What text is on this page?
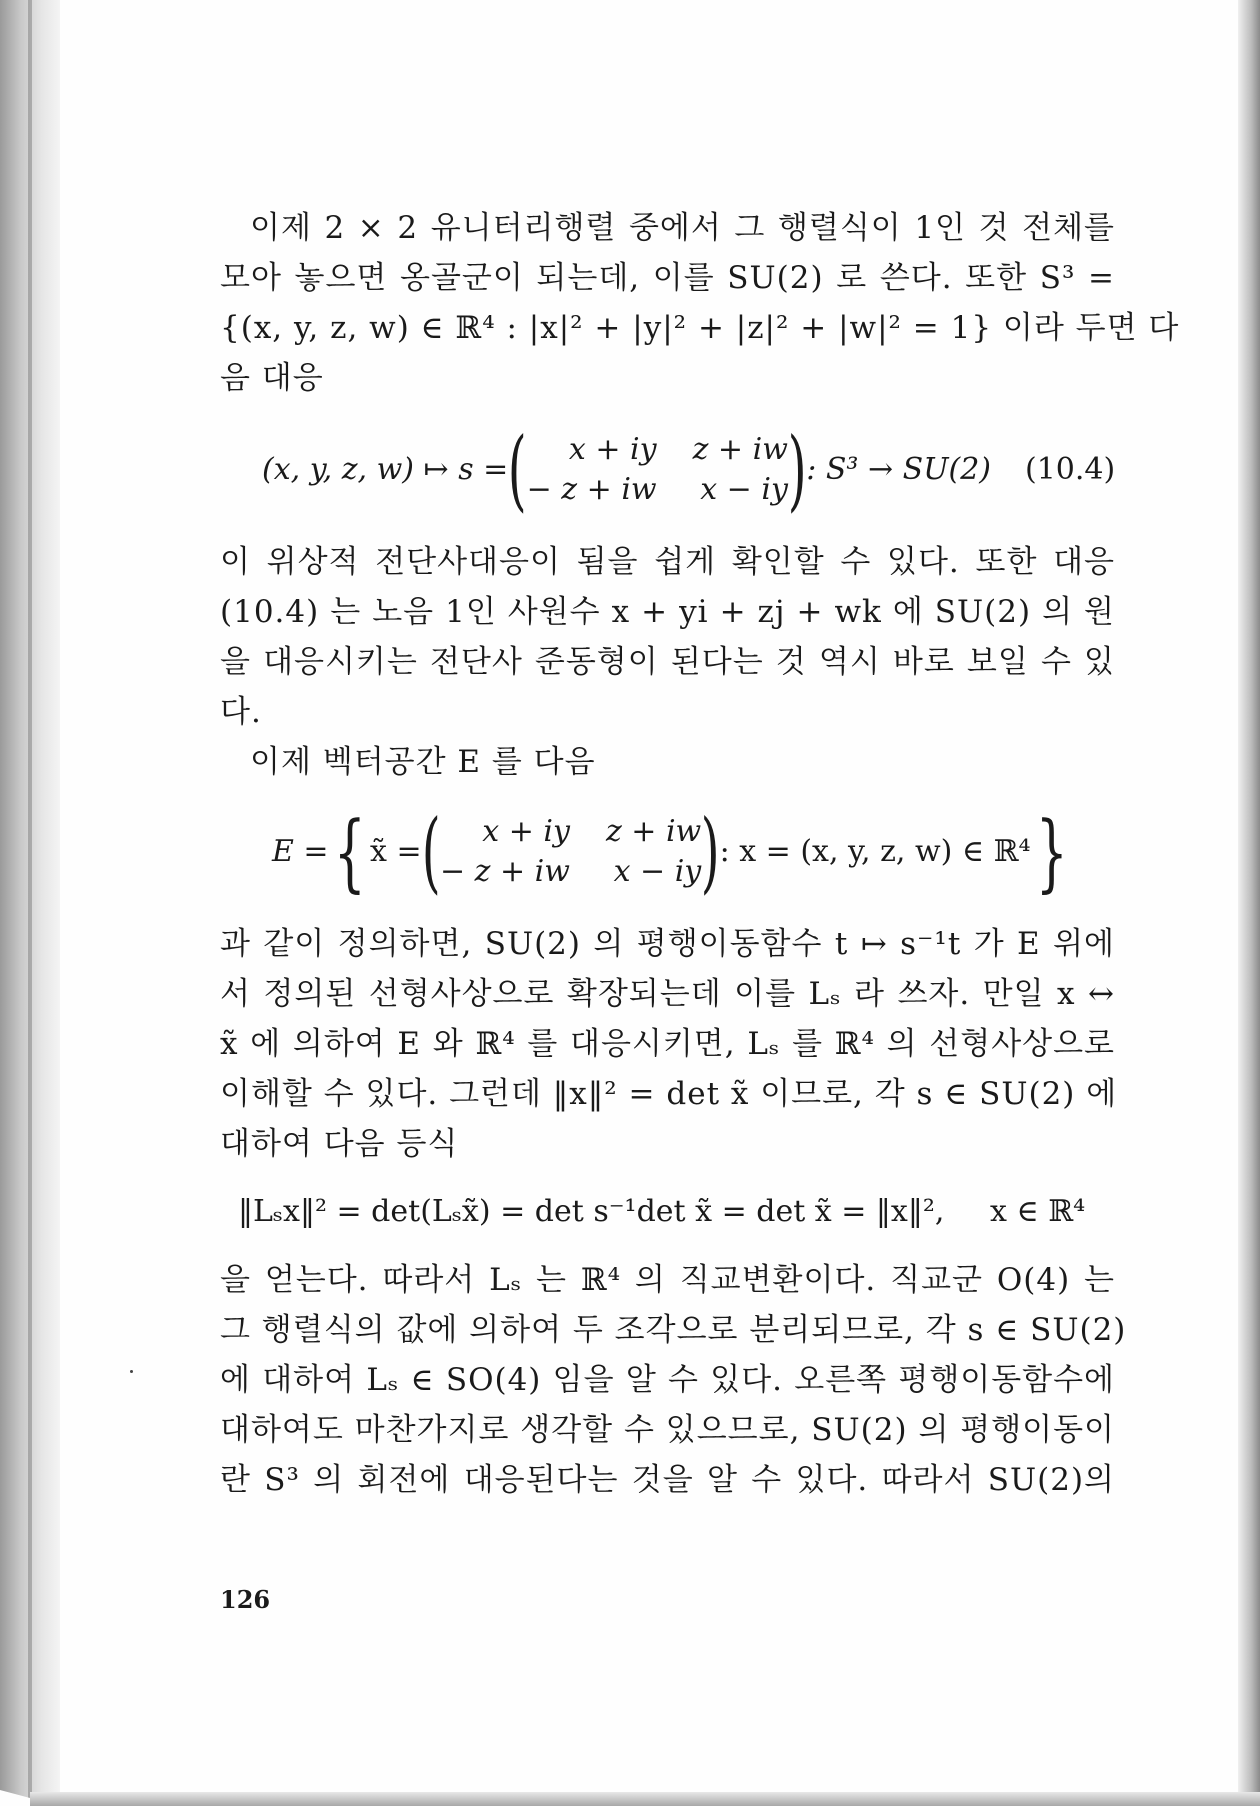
이제 2 × 2 유니터리행렬 중에서 그 행렬식이 1인 것 전체를
모아 놓으면 옹골군이 되는데, 이를 SU(2) 로 쓴다. 또한 S³ =
{(x, y, z, w) ∈ ℝ⁴ : |x|² + |y|² + |z|² + |w|² = 1} 이라 두면 다
음 대응
(x, y, z, w) ↦ s = (	x + iy z + iw
− z + iw x − iy ) : S³ → SU(2) (10.4)
이 위상적 전단사대응이 됨을 쉽게 확인할 수 있다. 또한 대응
(10.4) 는 노음 1인 사원수 x + yi + zj + wk 에 SU(2) 의 원
을 대응시키는 전단사 준동형이 된다는 것 역시 바로 보일 수 있
다.
이제 벡터공간 E 를 다음
E = { x̃ = (	x + iy z + iw
− z + iw x − iy ) : x = (x, y, z, w) ∈ ℝ⁴ }
과 같이 정의하면, SU(2) 의 평행이동함수 t ↦ s⁻¹t 가 E 위에
서 정의된 선형사상으로 확장되는데 이를 Lₛ 라 쓰자. 만일 x ↔
x̃ 에 의하여 E 와 ℝ⁴ 를 대응시키면, Lₛ 를 ℝ⁴ 의 선형사상으로
이해할 수 있다. 그런데 ‖x‖² = det x̃ 이므로, 각 s ∈ SU(2) 에
대하여 다음 등식
‖Lₛx‖² = det(Lₛx̃) = det s⁻¹det x̃ = det x̃ = ‖x‖², x ∈ ℝ⁴
을 얻는다. 따라서 Lₛ 는 ℝ⁴ 의 직교변환이다. 직교군 O(4) 는
그 행렬식의 값에 의하여 두 조각으로 분리되므로, 각 s ∈ SU(2)
에 대하여 Lₛ ∈ SO(4) 임을 알 수 있다. 오른쪽 평행이동함수에
대하여도 마찬가지로 생각할 수 있으므로, SU(2) 의 평행이동이
란 S³ 의 회전에 대응된다는 것을 알 수 있다. 따라서 SU(2)의
126
